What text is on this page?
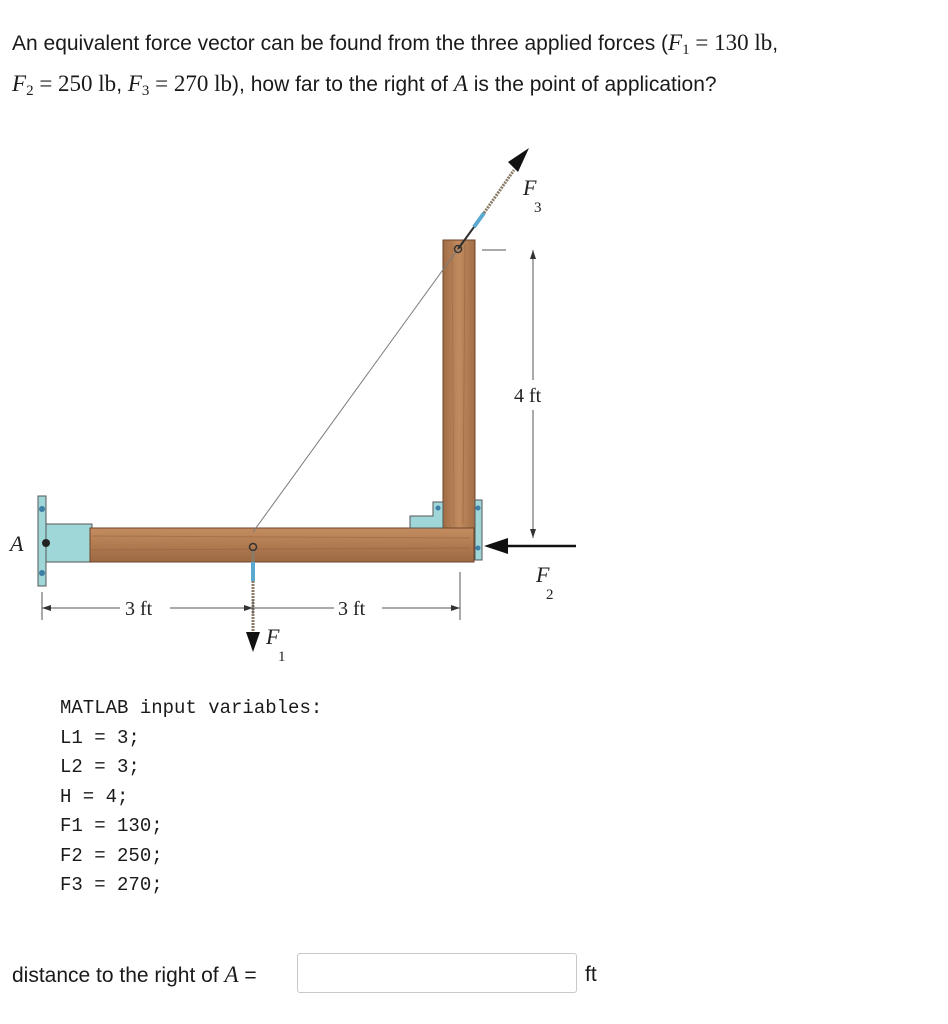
An equivalent force vector can be found from the three applied forces ($F_1 = 130$ lb,
$F_2 = 250$ lb, $F_3 = 270$ lb), how far to the right of A is the point of application?
A
F
3
F
1
F
2
4 ft
3 ft	3 ft
MATLAB input variables:
L1 = 3;
L2 = 3;
H = 4;
F1 = 130;
F2 = 250;
F3 = 270;
distance to the right of A =	ft
